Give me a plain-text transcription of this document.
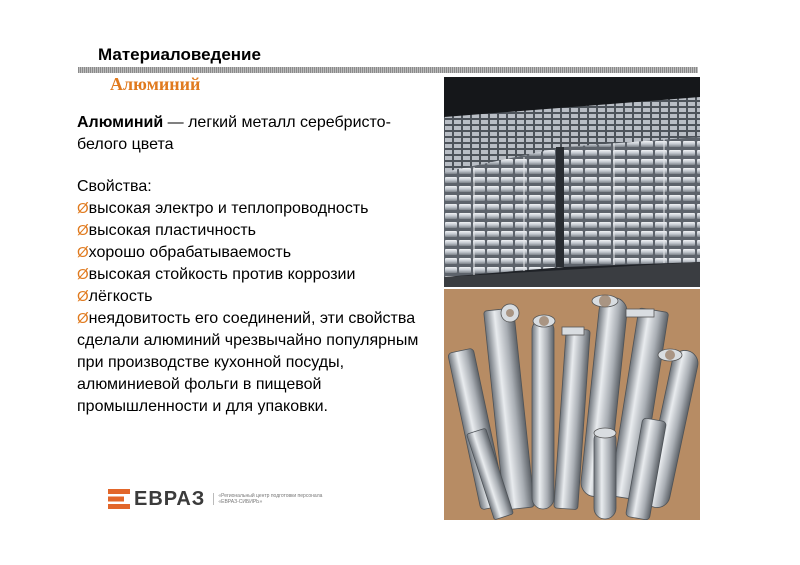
Материаловедение
Алюминий

Алюминий — легкий металл серебристо-белого цвета

Свойства:

Øвысокая электро и теплопроводность
Øвысокая пластичность
Øхорошо обрабатываемость
Øвысокая стойкость против коррозии
Øлёгкость
Øнеядовитость его соединений, эти свойства сделали алюминий чрезвычайно популярным при производстве кухонной посуды, алюминиевой фольги в пищевой промышленности и для упаковки.
ЕВРАЗ	«Региональный центр подготовки персонала «ЕВРАЗ-СИБИРЬ»
